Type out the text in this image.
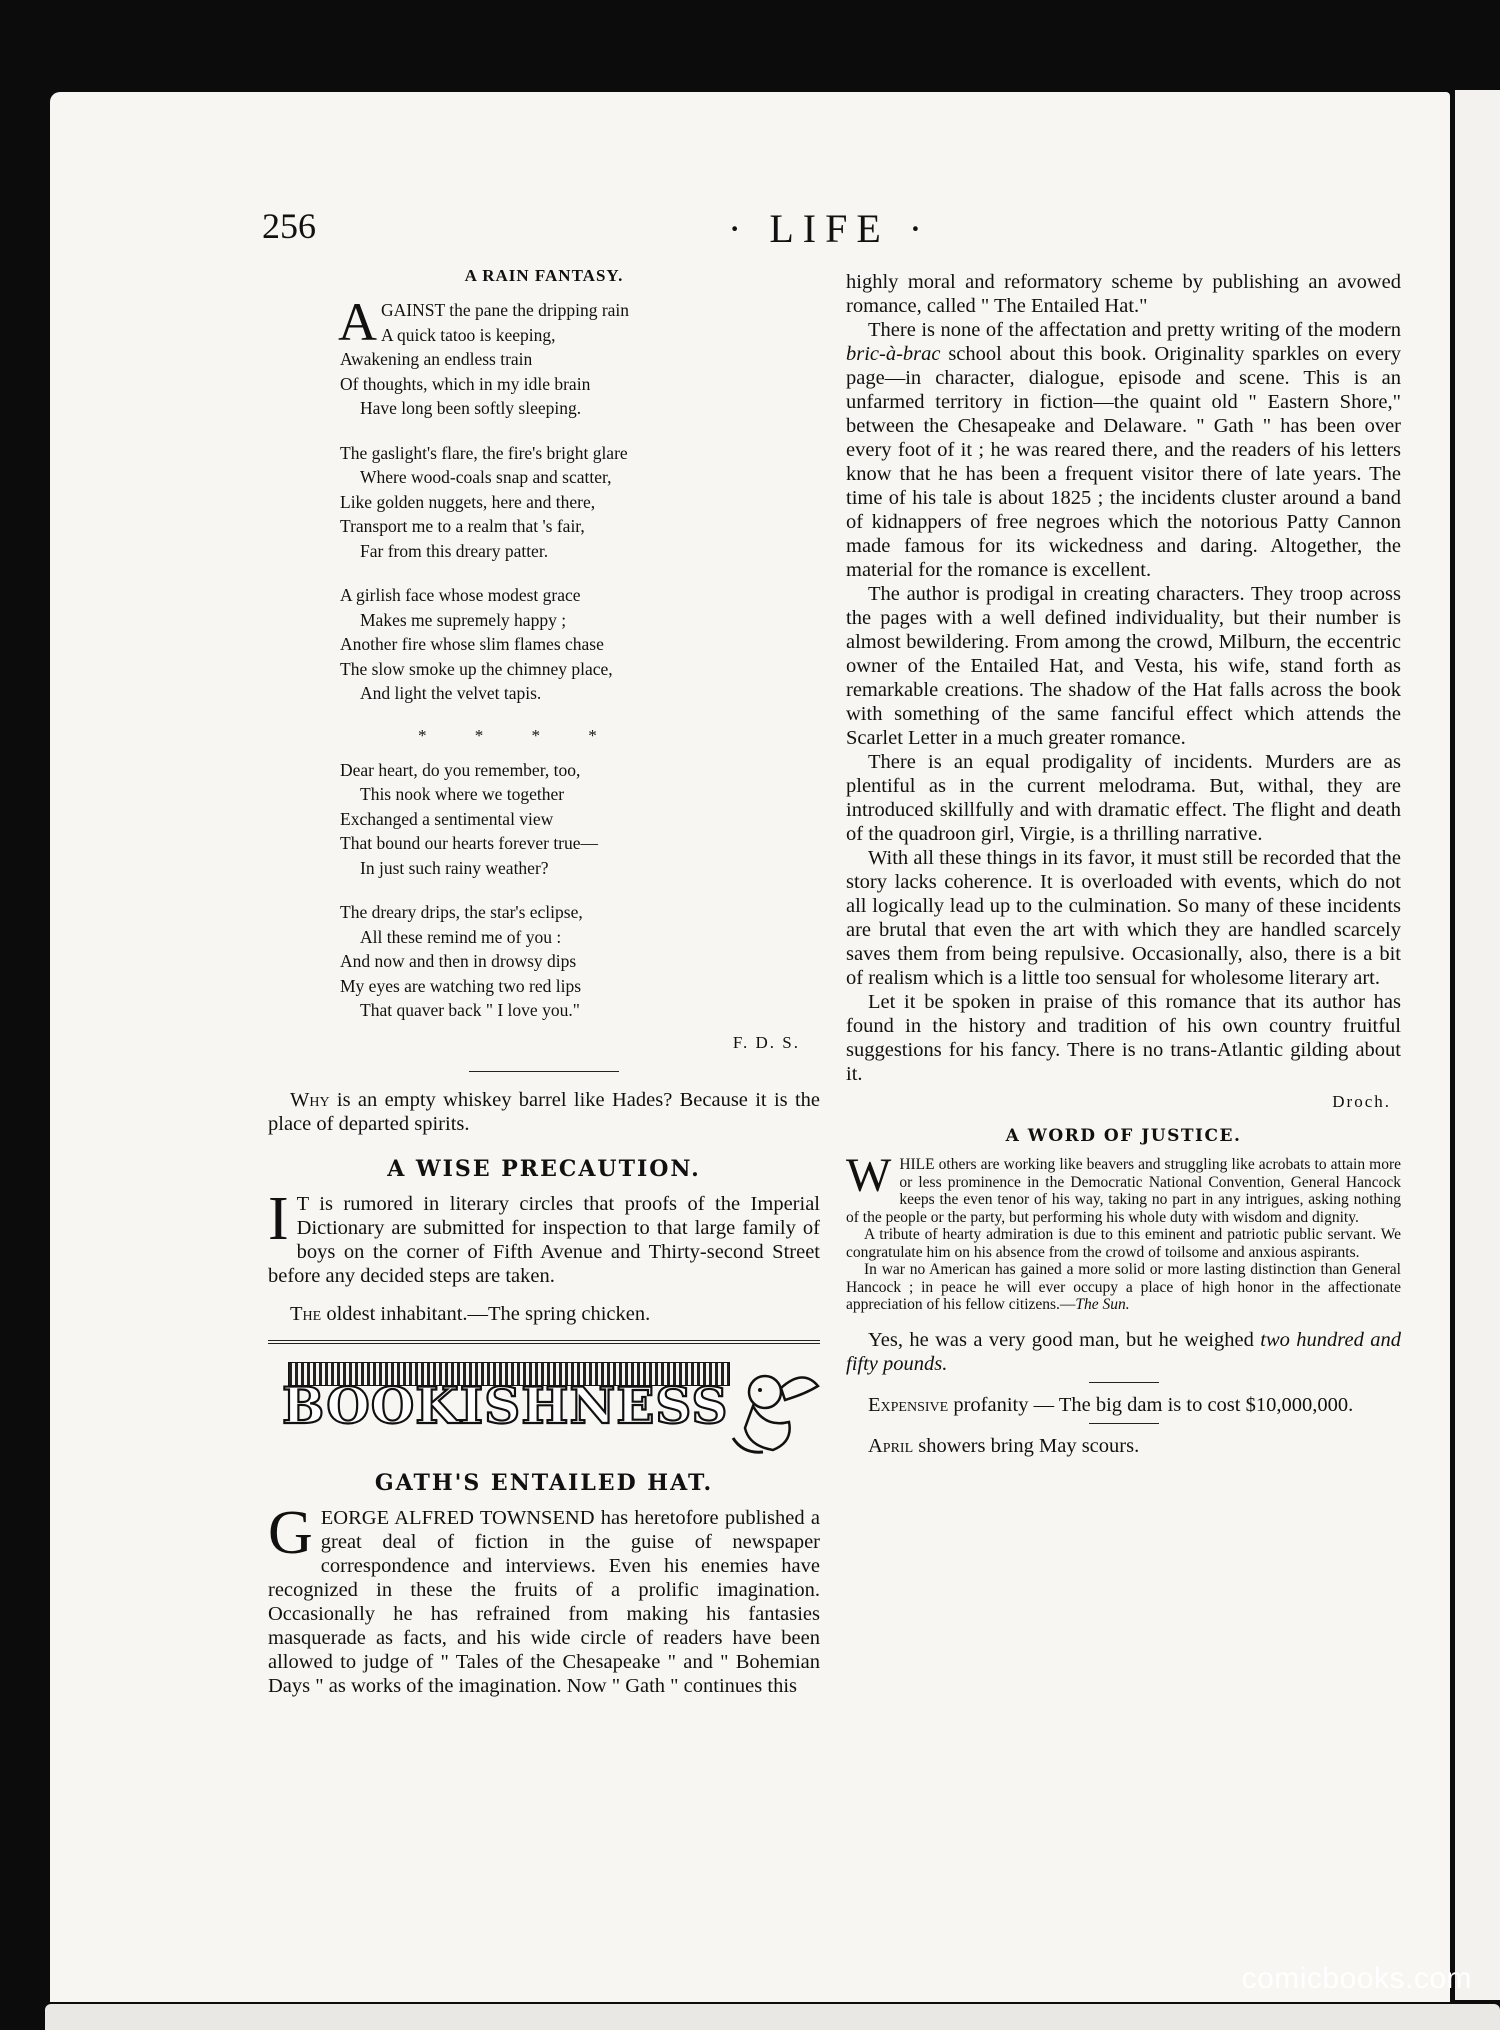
256	· LIFE ·
A RAIN FANTASY.
A GAINST the pane the dripping rain
A quick tatoo is keeping,
Awakening an endless train
Of thoughts, which in my idle brain
Have long been softly sleeping.
The gaslight's flare, the fire's bright glare
Where wood-coals snap and scatter,
Like golden nuggets, here and there,
Transport me to a realm that 's fair,
Far from this dreary patter.
A girlish face whose modest grace
Makes me supremely happy ;
Another fire whose slim flames chase
The slow smoke up the chimney place,
And light the velvet tapis.
* * * *
Dear heart, do you remember, too,
This nook where we together
Exchanged a sentimental view
That bound our hearts forever true—
In just such rainy weather?
The dreary drips, the star's eclipse,
All these remind me of you :
And now and then in drowsy dips
My eyes are watching two red lips
That quaver back " I love you."
F. D. S.

Why is an empty whiskey barrel like Hades? Because it is the place of departed spirits.

A WISE PRECAUTION.

I T is rumored in literary circles that proofs of the Imperial Dictionary are submitted for inspection to that large family of boys on the corner of Fifth Avenue and Thirty-second Street before any decided steps are taken.

The oldest inhabitant.—The spring chicken.

BOOKISHNESS
GATH'S ENTAILED HAT.

GEORGE ALFRED TOWNSEND has heretofore published a great deal of fiction in the guise of newspaper correspondence and interviews. Even his enemies have recognized in these the fruits of a prolific imagination. Occasionally he has refrained from making his fantasies masquerade as facts, and his wide circle of readers have been allowed to judge of " Tales of the Chesapeake " and " Bohemian Days " as works of the imagination. Now " Gath " continues this

highly moral and reformatory scheme by publishing an avowed romance, called " The Entailed Hat."

There is none of the affectation and pretty writing of the modern bric-à-brac school about this book. Originality sparkles on every page—in character, dialogue, episode and scene. This is an unfarmed territory in fiction—the quaint old " Eastern Shore," between the Chesapeake and Delaware. " Gath " has been over every foot of it ; he was reared there, and the readers of his letters know that he has been a frequent visitor there of late years. The time of his tale is about 1825 ; the incidents cluster around a band of kidnappers of free negroes which the notorious Patty Cannon made famous for its wickedness and daring. Altogether, the material for the romance is excellent.

The author is prodigal in creating characters. They troop across the pages with a well defined individuality, but their number is almost bewildering. From among the crowd, Milburn, the eccentric owner of the Entailed Hat, and Vesta, his wife, stand forth as remarkable creations. The shadow of the Hat falls across the book with something of the same fanciful effect which attends the Scarlet Letter in a much greater romance.

There is an equal prodigality of incidents. Murders are as plentiful as in the current melodrama. But, withal, they are introduced skillfully and with dramatic effect. The flight and death of the quadroon girl, Virgie, is a thrilling narrative.

With all these things in its favor, it must still be recorded that the story lacks coherence. It is overloaded with events, which do not all logically lead up to the culmination. So many of these incidents are brutal that even the art with which they are handled scarcely saves them from being repulsive. Occasionally, also, there is a bit of realism which is a little too sensual for wholesome literary art.

Let it be spoken in praise of this romance that its author has found in the history and tradition of his own country fruitful suggestions for his fancy. There is no trans-Atlantic gilding about it.

Droch.
A WORD OF JUSTICE.

WHILE others are working like beavers and struggling like acrobats to attain more or less prominence in the Democratic National Convention, General Hancock keeps the even tenor of his way, taking no part in any intrigues, asking nothing of the people or the party, but performing his whole duty with wisdom and dignity.

A tribute of hearty admiration is due to this eminent and patriotic public servant. We congratulate him on his absence from the crowd of toilsome and anxious aspirants.

In war no American has gained a more solid or more lasting distinction than General Hancock ; in peace he will ever occupy a place of high honor in the affectionate appreciation of his fellow citizens.—The Sun.

Yes, he was a very good man, but he weighed two hundred and fifty pounds.

Expensive profanity — The big dam is to cost $10,000,000.

April showers bring May scours.

comicbooks.com
